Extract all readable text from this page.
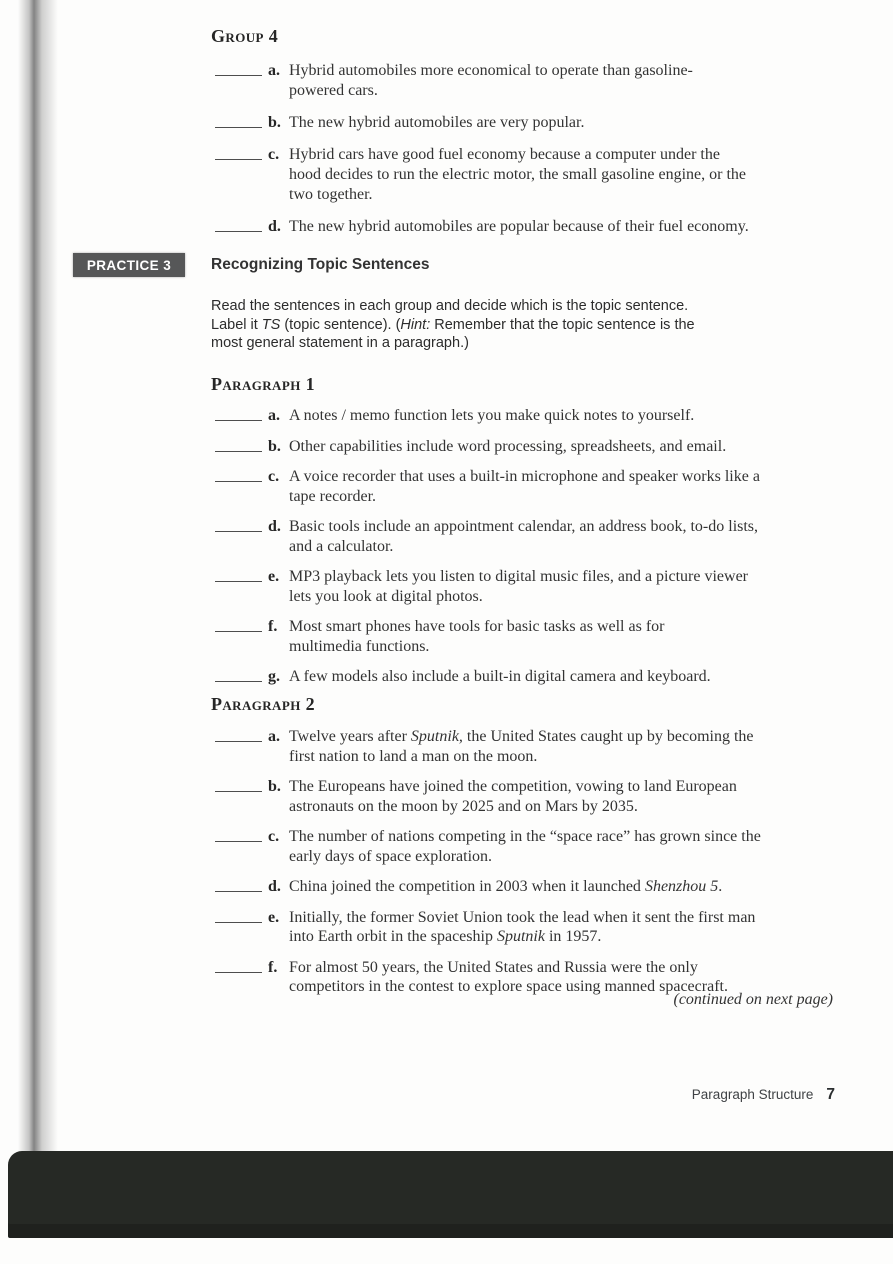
Group 4
a. Hybrid automobiles more economical to operate than gasoline-
powered cars.
b. The new hybrid automobiles are very popular.
c. Hybrid cars have good fuel economy because a computer under the
hood decides to run the electric motor, the small gasoline engine, or the
two together.
d. The new hybrid automobiles are popular because of their fuel economy.
PRACTICE 3	Recognizing Topic Sentences
Read the sentences in each group and decide which is the topic sentence.
Label it TS (topic sentence). (Hint: Remember that the topic sentence is the
most general statement in a paragraph.)
Paragraph 1
a. A notes / memo function lets you make quick notes to yourself.
b. Other capabilities include word processing, spreadsheets, and email.
c. A voice recorder that uses a built-in microphone and speaker works like a
tape recorder.
d. Basic tools include an appointment calendar, an address book, to-do lists,
and a calculator.
e. MP3 playback lets you listen to digital music files, and a picture viewer
lets you look at digital photos.
f. Most smart phones have tools for basic tasks as well as for
multimedia functions.
g. A few models also include a built-in digital camera and keyboard.
Paragraph 2
a. Twelve years after Sputnik, the United States caught up by becoming the
first nation to land a man on the moon.
b. The Europeans have joined the competition, vowing to land European
astronauts on the moon by 2025 and on Mars by 2035.
c. The number of nations competing in the “space race” has grown since the
early days of space exploration.
d. China joined the competition in 2003 when it launched Shenzhou 5.
e. Initially, the former Soviet Union took the lead when it sent the first man
into Earth orbit in the spaceship Sputnik in 1957.
f. For almost 50 years, the United States and Russia were the only
competitors in the contest to explore space using manned spacecraft.
(continued on next page)
Paragraph Structure 7
